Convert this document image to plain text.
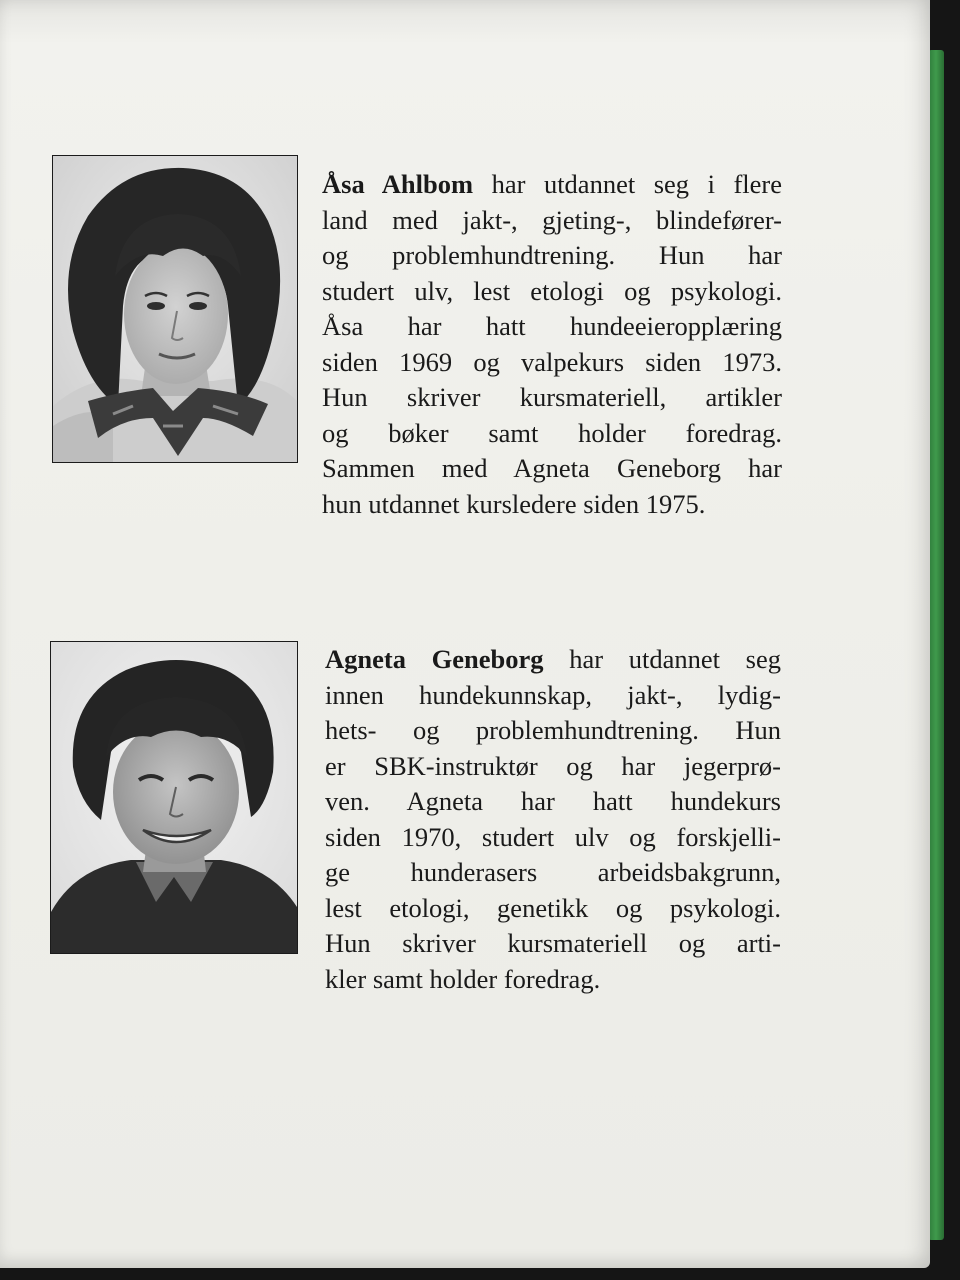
Åsa Ahlbom har utdannet seg i flere
land med jakt-, gjeting-, blindefører-
og problemhundtrening. Hun har
studert ulv, lest etologi og psykologi.
Åsa har hatt hundeeieropplæring
siden 1969 og valpekurs siden 1973.
Hun skriver kursmateriell, artikler
og bøker samt holder foredrag.
Sammen med Agneta Geneborg har
hun utdannet kursledere siden 1975.
Agneta Geneborg har utdannet seg
innen hundekunnskap, jakt-, lydig-
hets- og problemhundtrening. Hun
er SBK-instruktør og har jegerprø-
ven. Agneta har hatt hundekurs
siden 1970, studert ulv og forskjelli-
ge hunderasers arbeidsbakgrunn,
lest etologi, genetikk og psykologi.
Hun skriver kursmateriell og arti-
kler samt holder foredrag.
